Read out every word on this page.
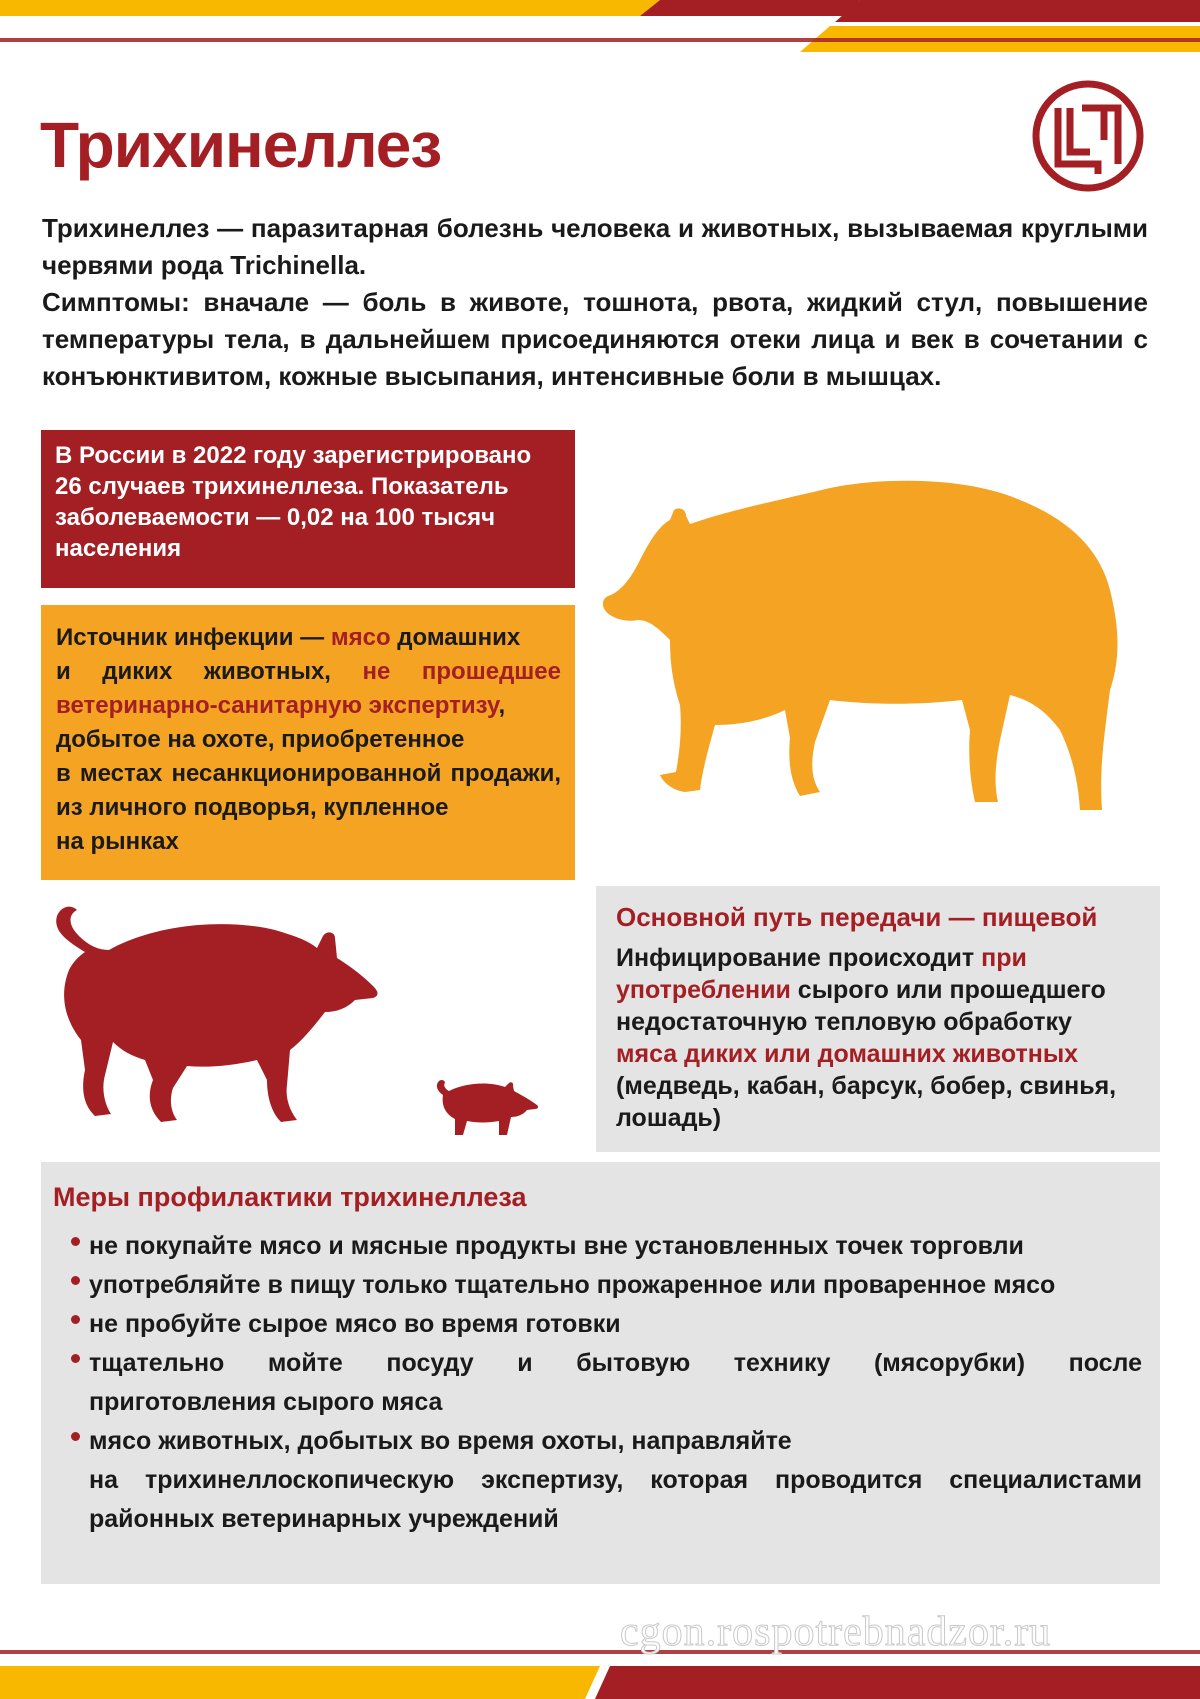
Трихинеллез

Трихинеллез — паразитарная болезнь человека и животных, вызываемая круглыми червями рода Trichinella.

Симптомы: вначале — боль в животе, тошнота, рвота, жидкий стул, повышение температуры тела, в дальнейшем присоединяются отеки лица и век в сочетании с конъюнктивитом, кожные высыпания, интенсивные боли в мышцах.

В России в 2022 году зарегистрировано 26 случаев трихинеллеза. Показатель заболеваемости — 0,02 на 100 тысяч населения
Источник инфекции — мясо домашних
и диких животных, не прошедшее
ветеринарно-санитарную экспертизу,
добытое на охоте, приобретенное
в местах несанкционированной продажи,
из личного подворья, купленное
на рынках
Основной путь передачи — пищевой
Инфицирование происходит при
употреблении сырого или прошедшего
недостаточную тепловую обработку
мяса диких или домашних животных
(медведь, кабан, барсук, бобер, свинья,
лошадь)
Меры профилактики трихинеллеза
не покупайте мясо и мясные продукты вне установленных точек торговли
употребляйте в пищу только тщательно прожаренное или проваренное мясо
не пробуйте сырое мясо во время готовки
тщательно мойте посуду и бытовую технику (мясорубки) после
приготовления сырого мяса
мясо животных, добытых во время охоты, направляйте
на трихинеллоскопическую экспертизу, которая проводится специалистами
районных ветеринарных учреждений
cgon.rospotrebnadzor.ru
